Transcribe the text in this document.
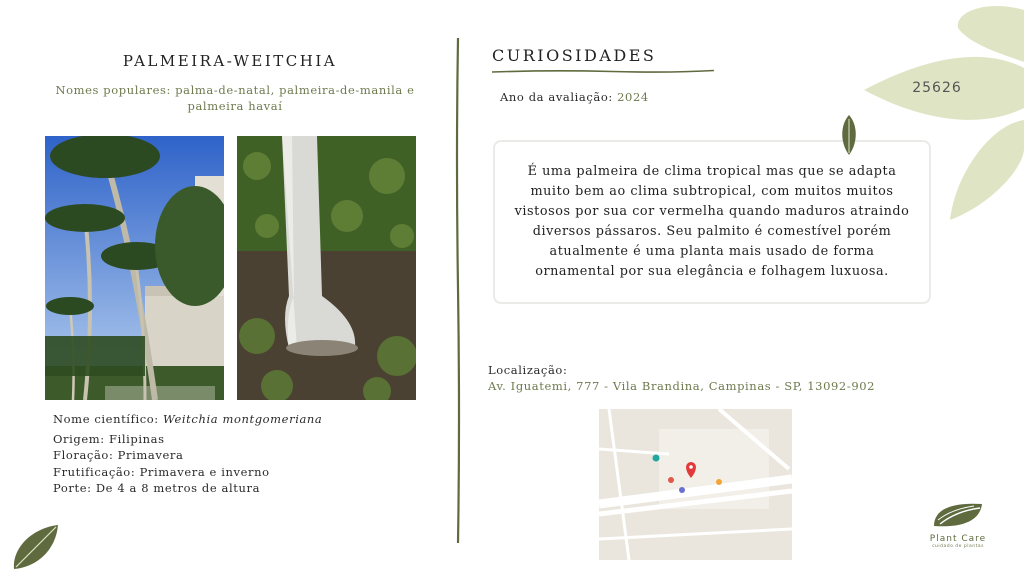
PALMEIRA-WEITCHIA
Nomes populares: palma-de-natal, palmeira-de-manila e palmeira havaí
Nome científico: Weitchia montgomeriana
Origem: Filipinas
Floração: Primavera
Frutificação: Primavera e inverno
Porte: De 4 a 8 metros de altura
CURIOSIDADES
Ano da avaliação: 2024

É uma palmeira de clima tropical mas que se adapta muito bem ao clima subtropical, com muitos muitos vistosos por sua cor vermelha quando maduros atraindo diversos pássaros. Seu palmito é comestível porém atualmente é uma planta mais usado de forma ornamental por sua elegância e folhagem luxuosa.

Localização:
Av. Iguatemi, 777 - Vila Brandina, Campinas - SP, 13092-902
25626
Plant Care
cuidado de plantas
